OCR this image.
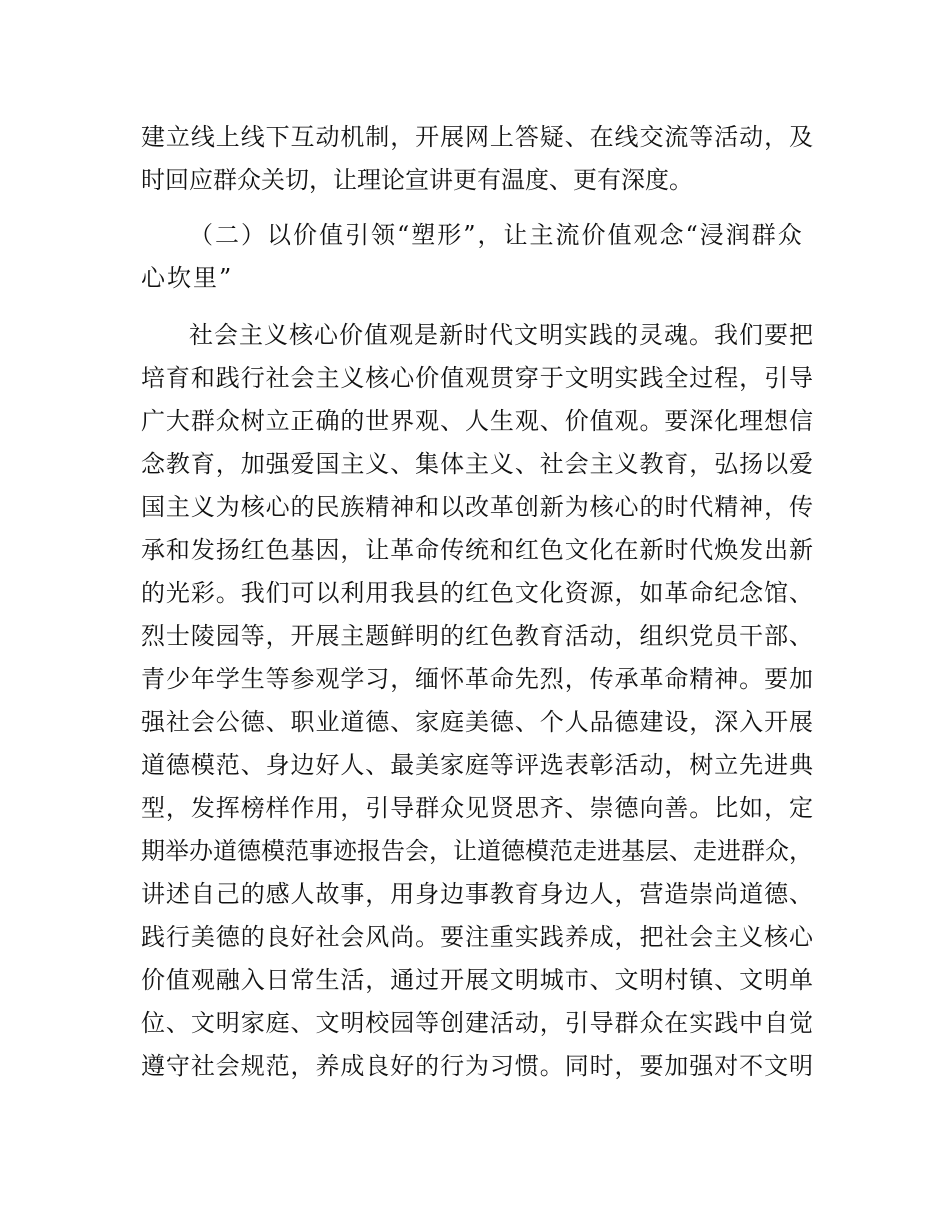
建立线上线下互动机制，开展网上答疑、在线交流等活动，及
时回应群众关切，让理论宣讲更有温度、更有深度。
（二）以价值引领“塑形”，让主流价值观念“浸润群众
心坎里”
社会主义核心价值观是新时代文明实践的灵魂。我们要把
培育和践行社会主义核心价值观贯穿于文明实践全过程，引导
广大群众树立正确的世界观、人生观、价值观。要深化理想信
念教育，加强爱国主义、集体主义、社会主义教育，弘扬以爱
国主义为核心的民族精神和以改革创新为核心的时代精神，传
承和发扬红色基因，让革命传统和红色文化在新时代焕发出新
的光彩。我们可以利用我县的红色文化资源，如革命纪念馆、
烈士陵园等，开展主题鲜明的红色教育活动，组织党员干部、
青少年学生等参观学习，缅怀革命先烈，传承革命精神。要加
强社会公德、职业道德、家庭美德、个人品德建设，深入开展
道德模范、身边好人、最美家庭等评选表彰活动，树立先进典
型，发挥榜样作用，引导群众见贤思齐、崇德向善。比如，定
期举办道德模范事迹报告会，让道德模范走进基层、走进群众，
讲述自己的感人故事，用身边事教育身边人，营造崇尚道德、
践行美德的良好社会风尚。要注重实践养成，把社会主义核心
价值观融入日常生活，通过开展文明城市、文明村镇、文明单
位、文明家庭、文明校园等创建活动，引导群众在实践中自觉
遵守社会规范，养成良好的行为习惯。同时，要加强对不文明
